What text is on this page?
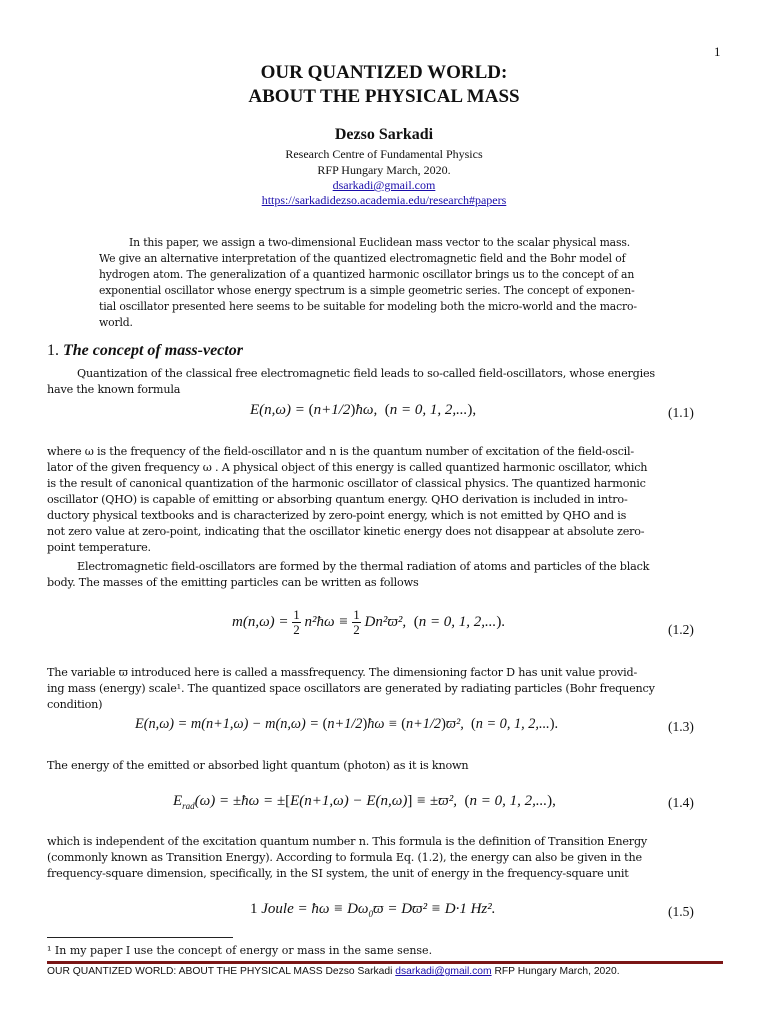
1
OUR QUANTIZED WORLD:
ABOUT THE PHYSICAL MASS
Dezso Sarkadi
Research Centre of Fundamental Physics
RFP Hungary March, 2020.
dsarkadi@gmail.com
https://sarkadidezso.academia.edu/research#papers
In this paper, we assign a two-dimensional Euclidean mass vector to the scalar physical mass.
We give an alternative interpretation of the quantized electromagnetic field and the Bohr model of
hydrogen atom. The generalization of a quantized harmonic oscillator brings us to the concept of an
exponential oscillator whose energy spectrum is a simple geometric series. The concept of exponen-
tial oscillator presented here seems to be suitable for modeling both the micro-world and the macro-
world.
1. The concept of mass-vector
Quantization of the classical free electromagnetic field leads to so-called field-oscillators, whose energies
have the known formula
E(n,ω) = (n+1/2)ħω,  (n = 0, 1, 2,...),	(1.1)
where ω is the frequency of the field-oscillator and n is the quantum number of excitation of the field-oscil-
lator of the given frequency ω . A physical object of this energy is called quantized harmonic oscillator, which
is the result of canonical quantization of the harmonic oscillator of classical physics. The quantized harmonic
oscillator (QHO) is capable of emitting or absorbing quantum energy. QHO derivation is included in intro-
ductory physical textbooks and is characterized by zero-point energy, which is not emitted by QHO and is
not zero value at zero-point, indicating that the oscillator kinetic energy does not disappear at absolute zero-
point temperature.
Electromagnetic field-oscillators are formed by the thermal radiation of atoms and particles of the black
body. The masses of the emitting particles can be written as follows
$m(n,\omega) = \frac{1}{2}$ n²ħω ≡ $\frac{1}{2} Dn^2ϖ^2$,  (n = 0, 1, 2,...).	(1.2)
The variable ϖ introduced here is called a massfrequency. The dimensioning factor D has unit value provid-
ing mass (energy) scale¹. The quantized space oscillators are generated by radiating particles (Bohr frequency
condition)
E(n,ω) = m(n+1,ω) − m(n,ω) = (n+1/2)ħω ≡ (n+1/2)ϖ²,  (n = 0, 1, 2,...).	(1.3)
The energy of the emitted or absorbed light quantum (photon) as it is known
$E_{rad}(\omega)$ = ±ħω = ±[E(n+1,ω) − E(n,ω)] ≡ ±ϖ²,  (n = 0, 1, 2,...),	(1.4)
which is independent of the excitation quantum number n. This formula is the definition of Transition Energy
(commonly known as Transition Energy). According to formula Eq. (1.2), the energy can also be given in the
frequency-square dimension, specifically, in the SI system, the unit of energy in the frequency-square unit
1 Joule = ħω ≡ $D\omega_0ϖ = Dϖ^2 \equiv D\cdot 1$ Hz².	(1.5)
¹ In my paper I use the concept of energy or mass in the same sense.
OUR QUANTIZED WORLD: ABOUT THE PHYSICAL MASS Dezso Sarkadi dsarkadi@gmail.com RFP Hungary March, 2020.
